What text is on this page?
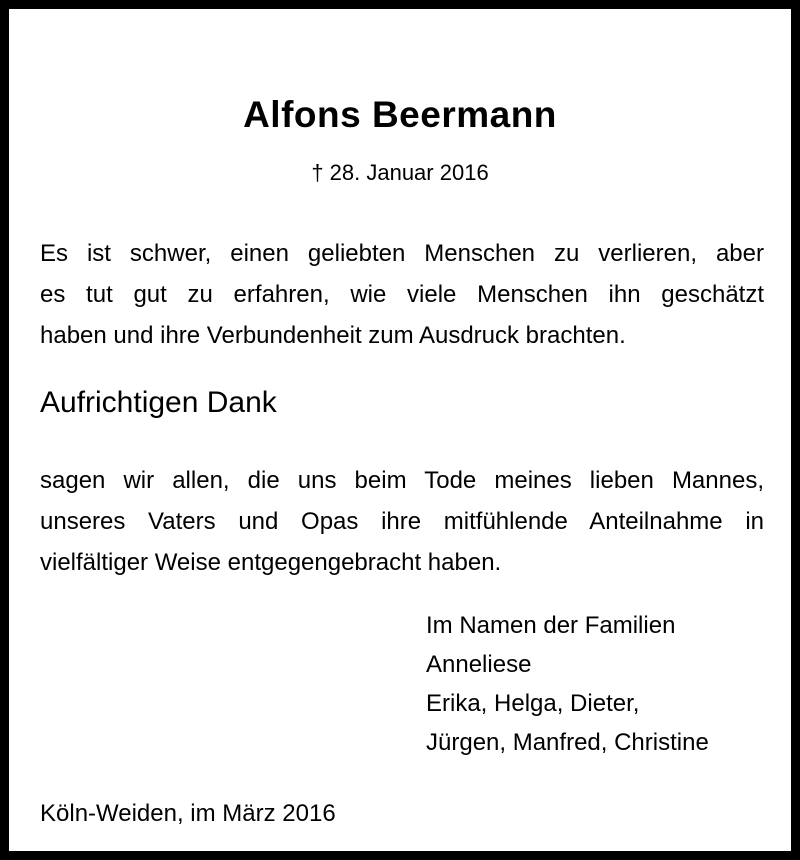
Alfons Beermann
† 28. Januar 2016

Es ist schwer, einen geliebten Menschen zu verlieren, aber
es tut gut zu erfahren, wie viele Menschen ihn geschätzt
haben und ihre Verbundenheit zum Ausdruck brachten.

Aufrichtigen Dank

sagen wir allen, die uns beim Tode meines lieben Mannes,
unseres Vaters und Opas ihre mitfühlende Anteilnahme in
vielfältiger Weise entgegengebracht haben.

Im Namen der Familien
Anneliese
Erika, Helga, Dieter,
Jürgen, Manfred, Christine
Köln-Weiden, im März 2016
